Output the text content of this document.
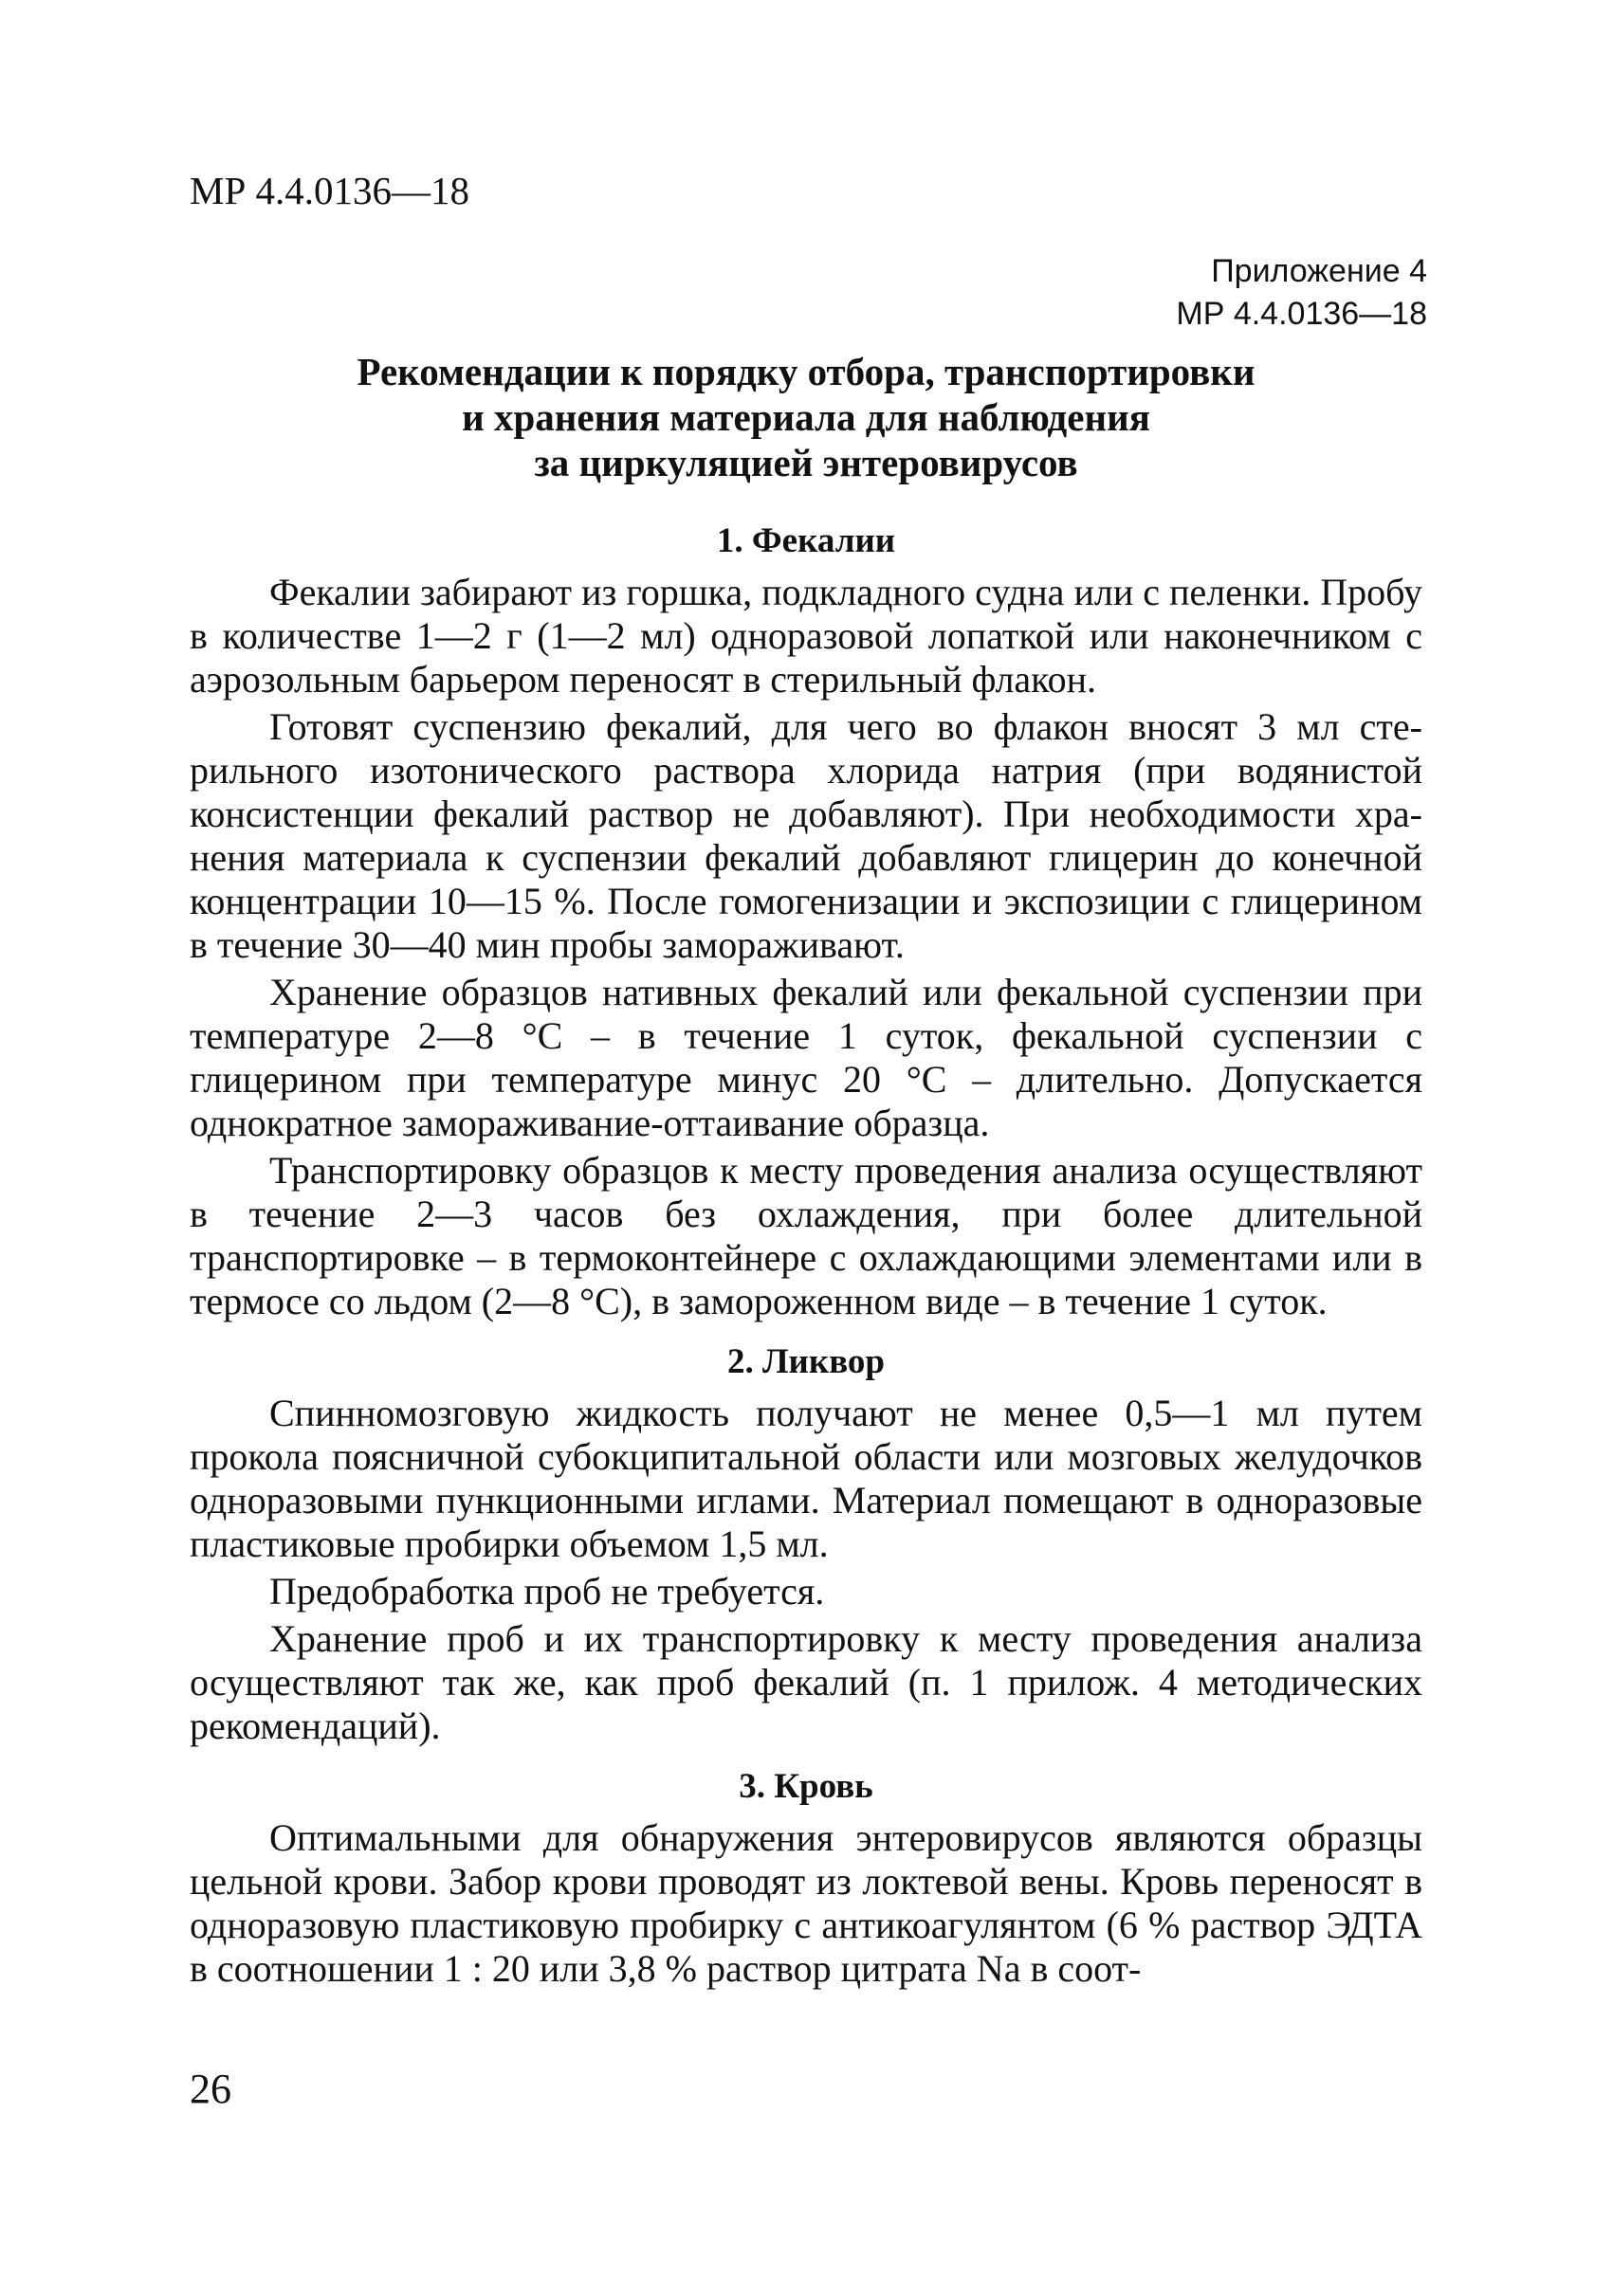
МР 4.4.0136—18
Приложение 4
МР 4.4.0136—18
Рекомендации к порядку отбора, транспортировки
и хранения материала для наблюдения
за циркуляцией энтеровирусов
1. Фекалии

Фекалии забирают из горшка, подкладного судна или с пеленки. Пробу в количестве 1—2 г (1—2 мл) одноразовой лопаткой или наконечником с аэрозольным барьером переносят в стерильный флакон.

Готовят суспензию фекалий, для чего во флакон вносят 3 мл стерильного изотонического раствора хлорида натрия (при водянистой консистенции фекалий раствор не добавляют). При необходимости хранения материала к суспензии фекалий добавляют глицерин до конечной концентрации 10—15 %. После гомогенизации и экспозиции с глицерином в течение 30—40 мин пробы замораживают.

Хранение образцов нативных фекалий или фекальной суспензии при температуре 2—8 °С – в течение 1 суток, фекальной суспензии с глицерином при температуре минус 20 °С – длительно. Допускается однократное замораживание-оттаивание образца.

Транспортировку образцов к месту проведения анализа осуществляют в течение 2—3 часов без охлаждения, при более длительной транспортировке – в термоконтейнере с охлаждающими элементами или в термосе со льдом (2—8 °С), в замороженном виде – в течение 1 суток.

2. Ликвор

Спинномозговую жидкость получают не менее 0,5—1 мл путем прокола поясничной субокципитальной области или мозговых желудочков одноразовыми пункционными иглами. Материал помещают в одноразовые пластиковые пробирки объемом 1,5 мл.

Предобработка проб не требуется.

Хранение проб и их транспортировку к месту проведения анализа осуществляют так же, как проб фекалий (п. 1 прилож. 4 методических рекомендаций).

3. Кровь

Оптимальными для обнаружения энтеровирусов являются образцы цельной крови. Забор крови проводят из локтевой вены. Кровь переносят в одноразовую пластиковую пробирку с антикоагулянтом (6 % раствор ЭДТА в соотношении 1 : 20 или 3,8 % раствор цитрата Na в соот-

26
